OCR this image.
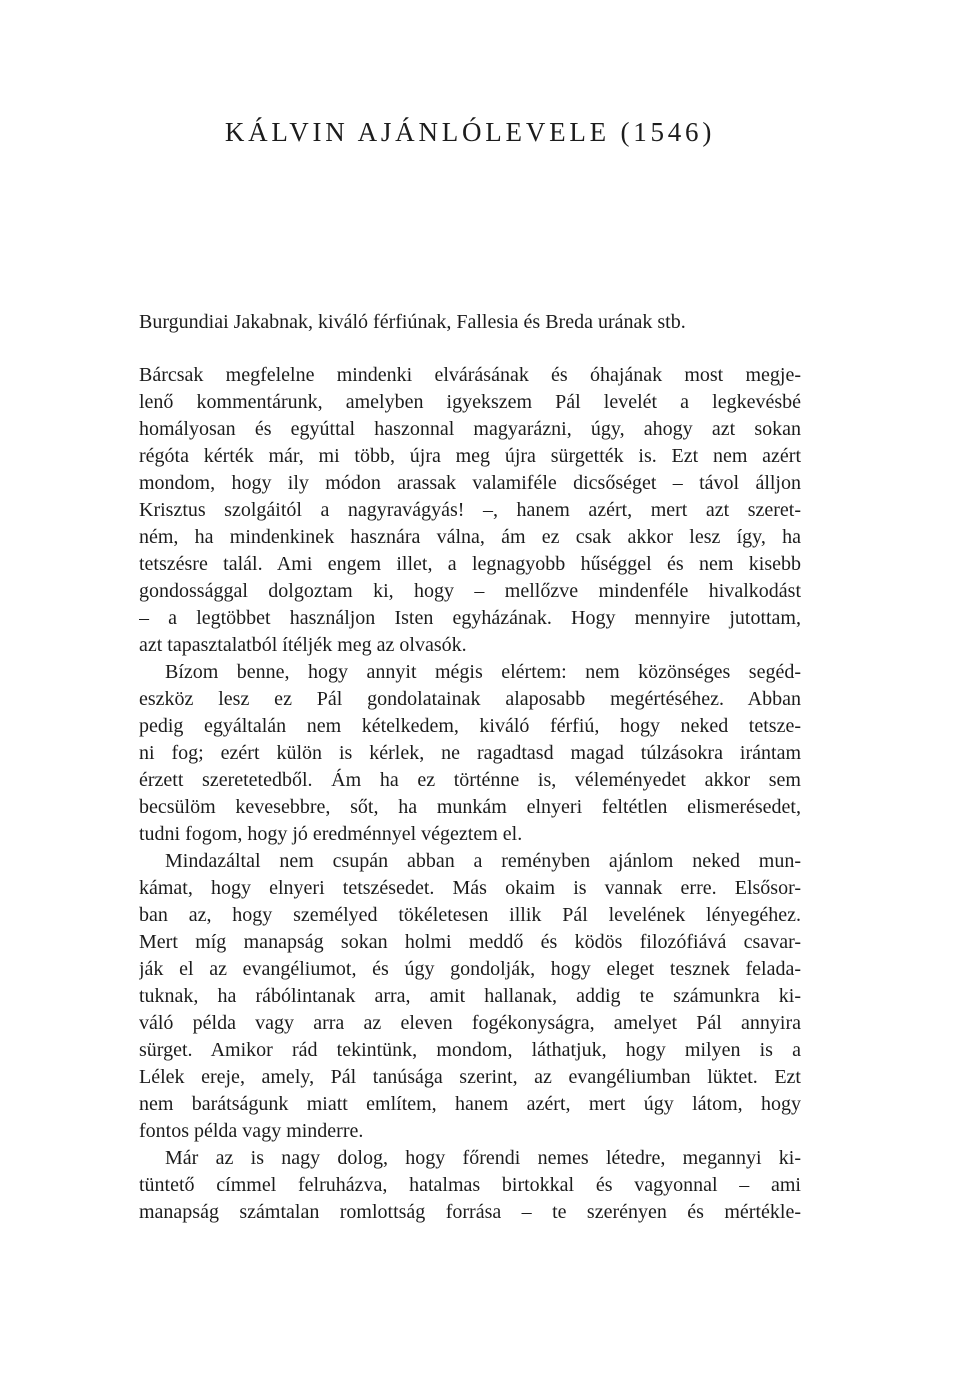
KÁLVIN AJÁNLÓLEVELE (1546)
Burgundiai Jakabnak, kiváló férfiúnak, Fallesia és Breda urának stb.
Bárcsak megfelelne mindenki elvárásának és óhajának most megje-
lenő kommentárunk, amelyben igyekszem Pál levelét a legkevésbé
homályosan és egyúttal haszonnal magyarázni, úgy, ahogy azt sokan
régóta kérték már, mi több, újra meg újra sürgették is. Ezt nem azért
mondom, hogy ily módon arassak valamiféle dicsőséget – távol álljon
Krisztus szolgáitól a nagyravágyás! –, hanem azért, mert azt szeret-
ném, ha mindenkinek hasznára válna, ám ez csak akkor lesz így, ha
tetszésre talál. Ami engem illet, a legnagyobb hűséggel és nem kisebb
gondossággal dolgoztam ki, hogy – mellőzve mindenféle hivalkodást
– a legtöbbet használjon Isten egyházának. Hogy mennyire jutottam,
azt tapasztalatból ítéljék meg az olvasók.
Bízom benne, hogy annyit mégis elértem: nem közönséges segéd-
eszköz lesz ez Pál gondolatainak alaposabb megértéséhez. Abban
pedig egyáltalán nem kételkedem, kiváló férfiú, hogy neked tetsze-
ni fog; ezért külön is kérlek, ne ragadtasd magad túlzásokra irántam
érzett szeretetedből. Ám ha ez történne is, véleményedet akkor sem
becsülöm kevesebbre, sőt, ha munkám elnyeri feltétlen elismerésedet,
tudni fogom, hogy jó eredménnyel végeztem el.
Mindazáltal nem csupán abban a reményben ajánlom neked mun-
kámat, hogy elnyeri tetszésedet. Más okaim is vannak erre. Elsősor-
ban az, hogy személyed tökéletesen illik Pál levelének lényegéhez.
Mert míg manapság sokan holmi meddő és ködös filozófiává csavar-
ják el az evangéliumot, és úgy gondolják, hogy eleget tesznek felada-
tuknak, ha rábólintanak arra, amit hallanak, addig te számunkra ki-
váló példa vagy arra az eleven fogékonyságra, amelyet Pál annyira
sürget. Amikor rád tekintünk, mondom, láthatjuk, hogy milyen is a
Lélek ereje, amely, Pál tanúsága szerint, az evangéliumban lüktet. Ezt
nem barátságunk miatt említem, hanem azért, mert úgy látom, hogy
fontos példa vagy minderre.
Már az is nagy dolog, hogy főrendi nemes létedre, megannyi ki-
tüntető címmel felruházva, hatalmas birtokkal és vagyonnal – ami
manapság számtalan romlottság forrása – te szerényen és mértékle-
